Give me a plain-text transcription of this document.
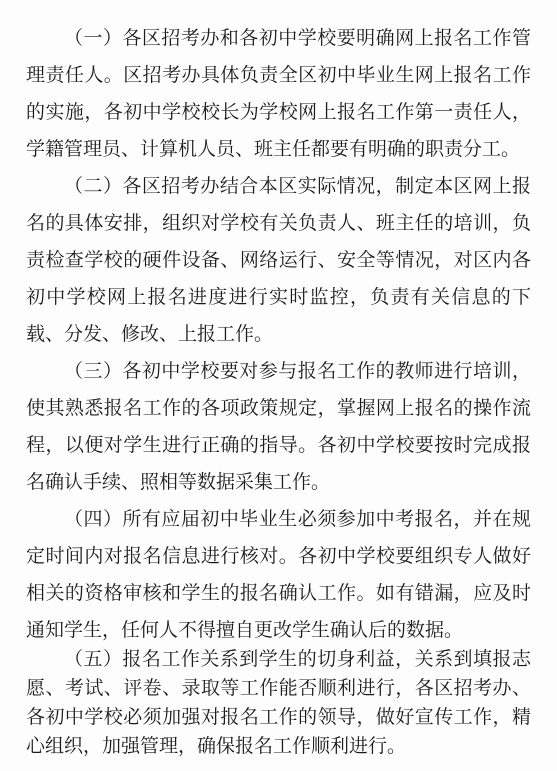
（一）各区招考办和各初中学校要明确网上报名工作管
理责任人。区招考办具体负责全区初中毕业生网上报名工作
的实施，各初中学校校长为学校网上报名工作第一责任人，
学籍管理员、计算机人员、班主任都要有明确的职责分工。
（二）各区招考办结合本区实际情况，制定本区网上报
名的具体安排，组织对学校有关负责人、班主任的培训，负
责检查学校的硬件设备、网络运行、安全等情况，对区内各
初中学校网上报名进度进行实时监控，负责有关信息的下
载、分发、修改、上报工作。
（三）各初中学校要对参与报名工作的教师进行培训，
使其熟悉报名工作的各项政策规定，掌握网上报名的操作流
程，以便对学生进行正确的指导。各初中学校要按时完成报
名确认手续、照相等数据采集工作。
（四）所有应届初中毕业生必须参加中考报名，并在规
定时间内对报名信息进行核对。各初中学校要组织专人做好
相关的资格审核和学生的报名确认工作。如有错漏，应及时
通知学生，任何人不得擅自更改学生确认后的数据。
（五）报名工作关系到学生的切身利益，关系到填报志
愿、考试、评卷、录取等工作能否顺利进行，各区招考办、
各初中学校必须加强对报名工作的领导，做好宣传工作，精
心组织，加强管理，确保报名工作顺利进行。
